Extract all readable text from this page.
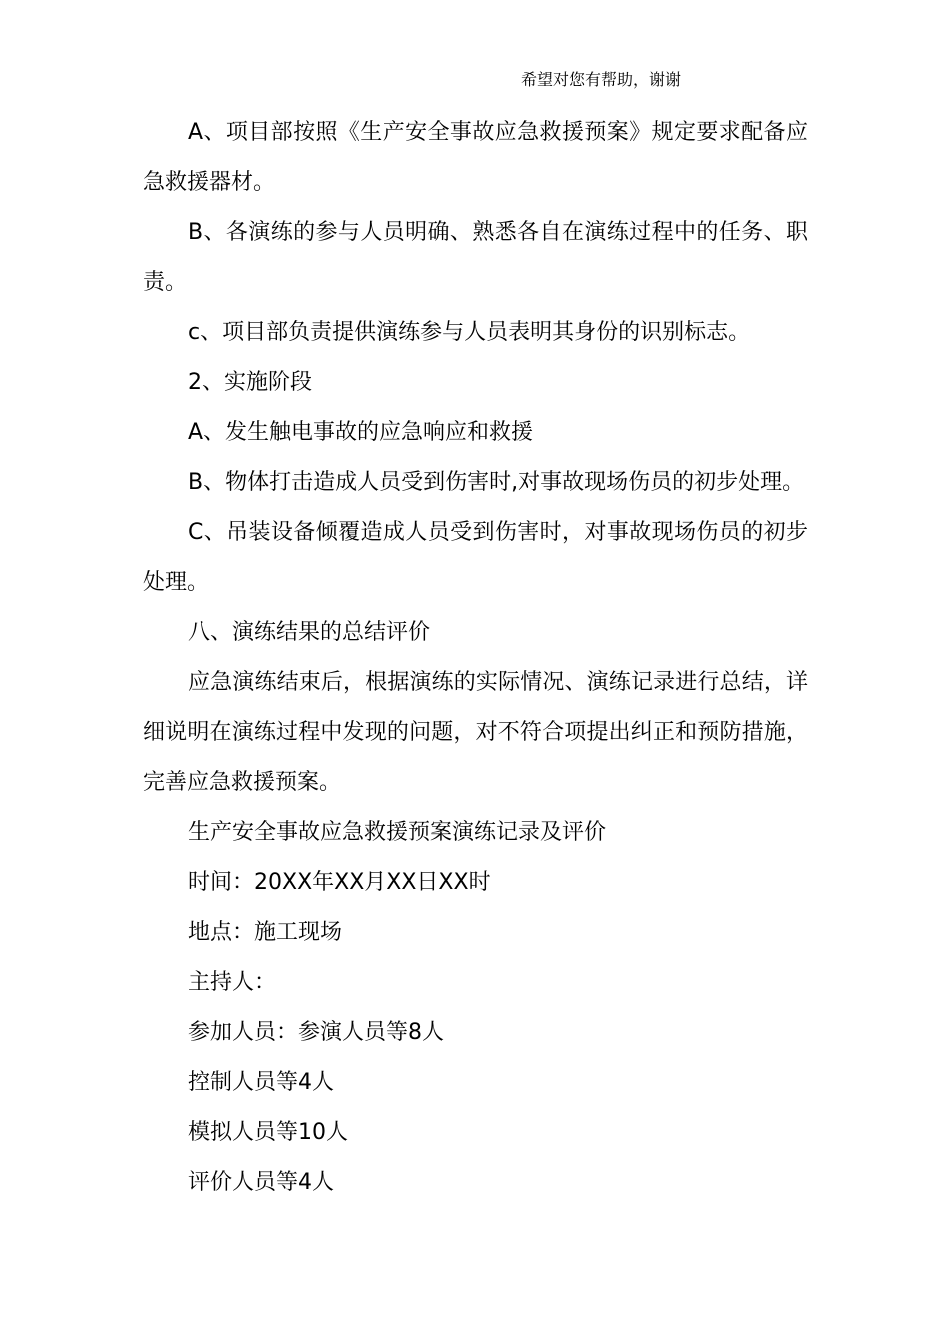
希望对您有帮助，谢谢

A、项目部按照《生产安全事故应急救援预案》规定要求配备应急救援器材。

B、各演练的参与人员明确、熟悉各自在演练过程中的任务、职责。

c、项目部负责提供演练参与人员表明其身份的识别标志。

2、实施阶段

A、发生触电事故的应急响应和救援

B、物体打击造成人员受到伤害时,对事故现场伤员的初步处理。

C、吊装设备倾覆造成人员受到伤害时，对事故现场伤员的初步处理。

八、演练结果的总结评价

应急演练结束后，根据演练的实际情况、演练记录进行总结，详细说明在演练过程中发现的问题，对不符合项提出纠正和预防措施，完善应急救援预案。

生产安全事故应急救援预案演练记录及评价

时间：20XX年XX月XX日XX时

地点：施工现场

主持人：

参加人员：参演人员等8人

控制人员等4人

模拟人员等10人

评价人员等4人
